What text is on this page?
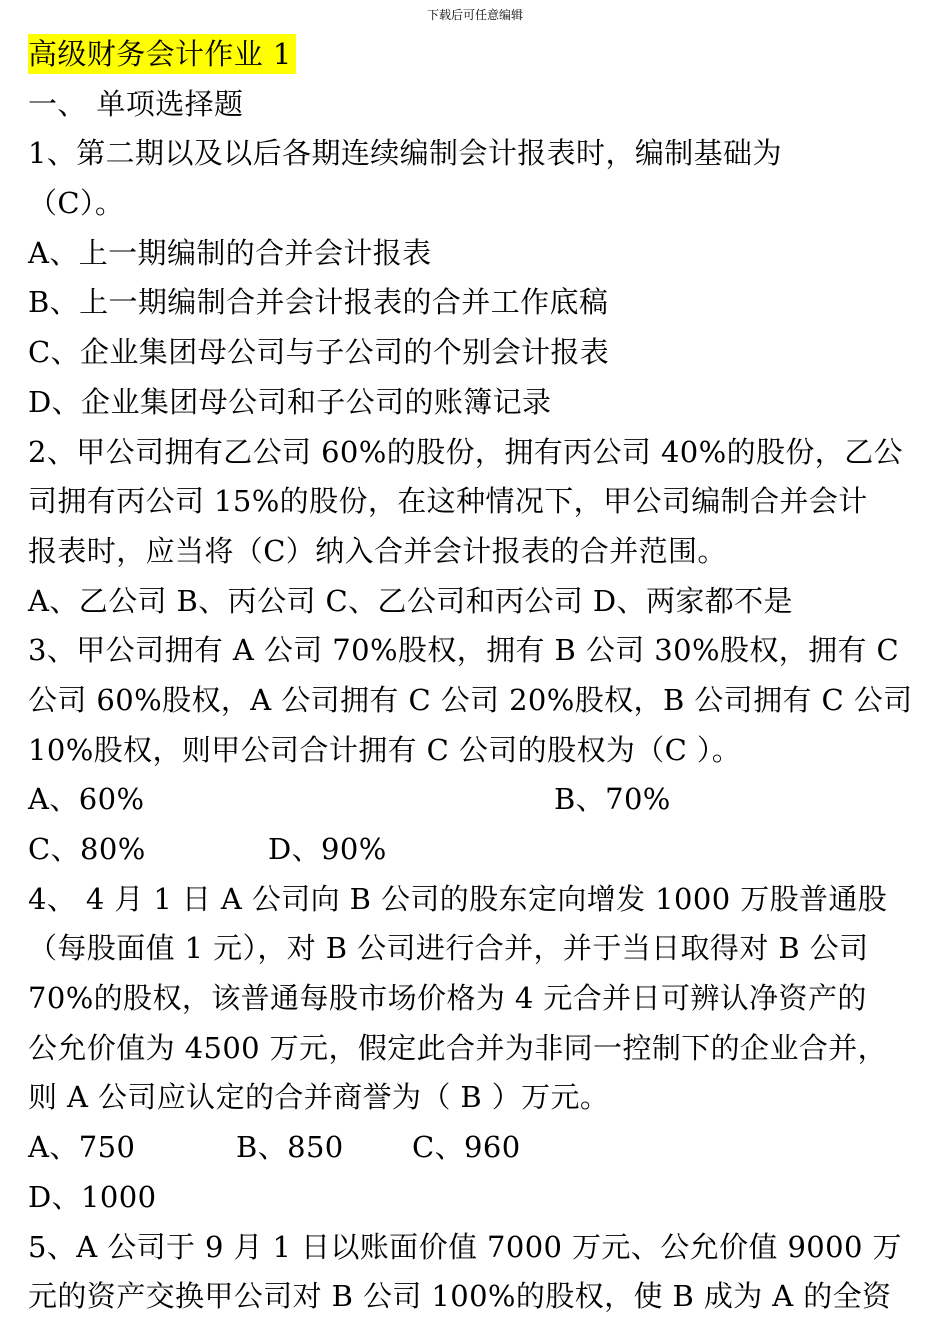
下载后可任意编辑
高级财务会计作业 1
一、 单项选择题
1、第二期以及以后各期连续编制会计报表时，编制基础为
（C）。
A、上一期编制的合并会计报表
B、上一期编制合并会计报表的合并工作底稿
C、企业集团母公司与子公司的个别会计报表
D、企业集团母公司和子公司的账簿记录
2、甲公司拥有乙公司 60%的股份，拥有丙公司 40%的股份，乙公
司拥有丙公司 15%的股份，在这种情况下，甲公司编制合并会计
报表时，应当将（C）纳入合并会计报表的合并范围。
A、乙公司 B、丙公司 C、乙公司和丙公司 D、两家都不是
3、甲公司拥有 A 公司 70%股权，拥有 B 公司 30%股权，拥有 C
公司 60%股权，A 公司拥有 C 公司 20%股权，B 公司拥有 C 公司
10%股权，则甲公司合计拥有 C 公司的股权为（C ）。
A、60%	B、70%
C、80%	D、90%
4、 4 月 1 日 A 公司向 B 公司的股东定向增发 1000 万股普通股
（每股面值 1 元），对 B 公司进行合并，并于当日取得对 B 公司
70%的股权，该普通每股市场价格为 4 元合并日可辨认净资产的
公允价值为 4500 万元，假定此合并为非同一控制下的企业合并，
则 A 公司应认定的合并商誉为（ B ）万元。
A、750	B、850 C、960
D、1000
5、A 公司于 9 月 1 日以账面价值 7000 万元、公允价值 9000 万
元的资产交换甲公司对 B 公司 100%的股权，使 B 成为 A 的全资
